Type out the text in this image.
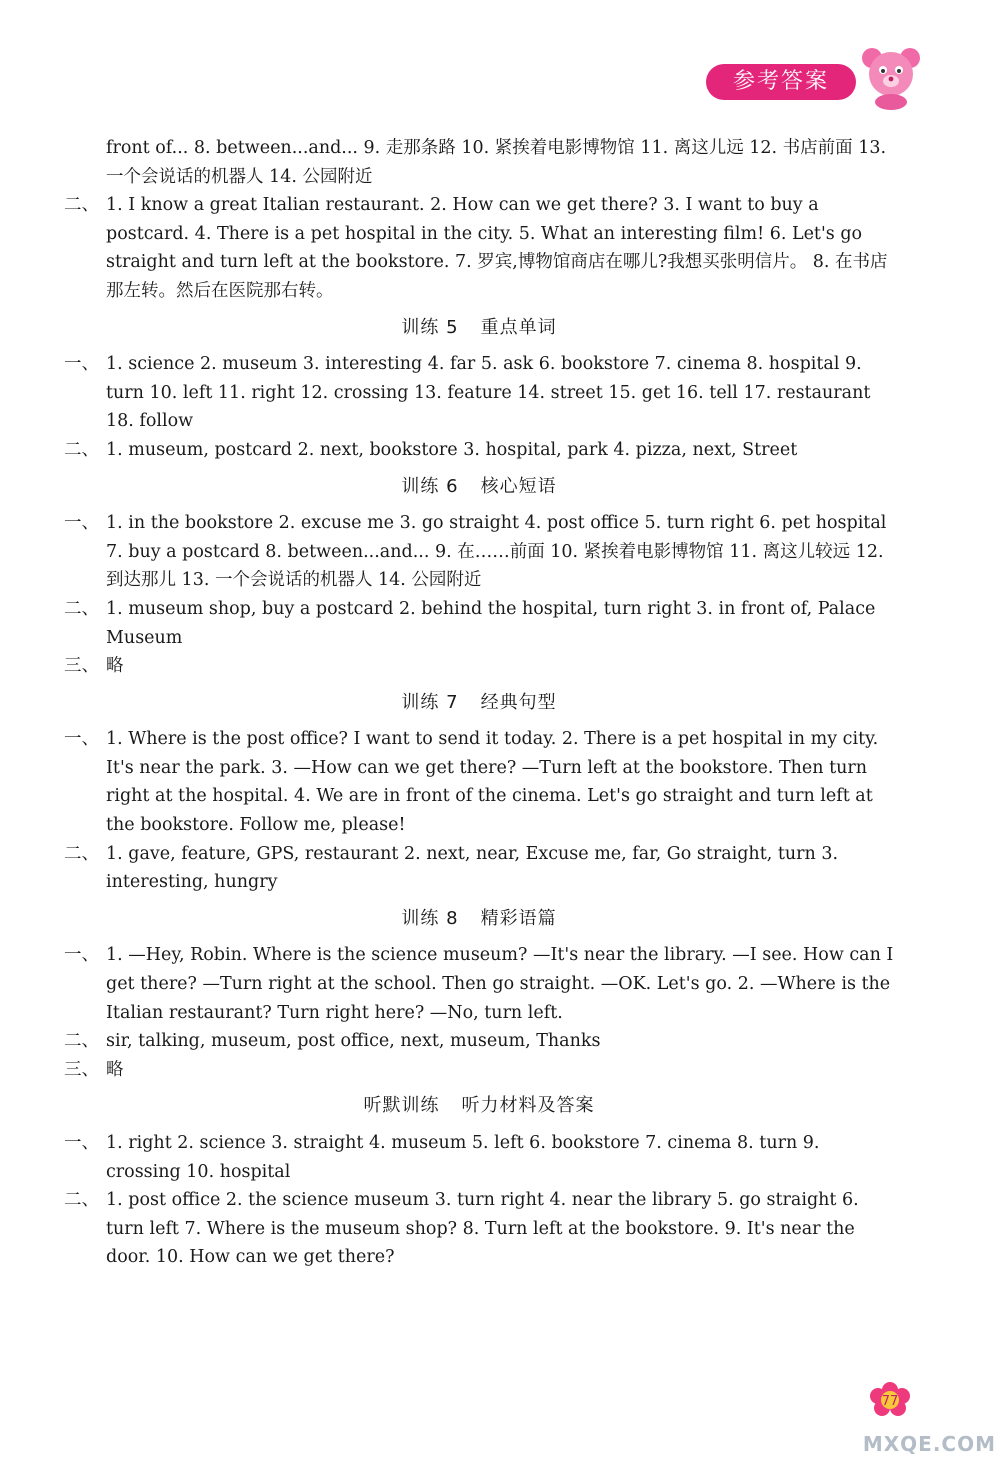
参考答案
front of... 8. between...and... 9. 走那条路 10. 紧挨着电影博物馆 11. 离这儿远 12. 书店前面 13. 一个会说话的机器人 14. 公园附近
二、 1. I know a great Italian restaurant. 2. How can we get there? 3. I want to buy a postcard. 4. There is a pet hospital in the city. 5. What an interesting film! 6. Let's go straight and turn left at the bookstore. 7. 罗宾,博物馆商店在哪儿?我想买张明信片。 8. 在书店那左转。然后在医院那右转。
训练 5 重点单词
一、 1. science 2. museum 3. interesting 4. far 5. ask 6. bookstore 7. cinema 8. hospital 9. turn 10. left 11. right 12. crossing 13. feature 14. street 15. get 16. tell 17. restaurant 18. follow
二、 1. museum, postcard 2. next, bookstore 3. hospital, park 4. pizza, next, Street
训练 6 核心短语
一、 1. in the bookstore 2. excuse me 3. go straight 4. post office 5. turn right 6. pet hospital 7. buy a postcard 8. between...and... 9. 在……前面 10. 紧挨着电影博物馆 11. 离这儿较远 12. 到达那儿 13. 一个会说话的机器人 14. 公园附近
二、 1. museum shop, buy a postcard 2. behind the hospital, turn right 3. in front of, Palace Museum
三、 略
训练 7 经典句型
一、 1. Where is the post office? I want to send it today. 2. There is a pet hospital in my city. It's near the park. 3. —How can we get there? —Turn left at the bookstore. Then turn right at the hospital. 4. We are in front of the cinema. Let's go straight and turn left at the bookstore. Follow me, please!
二、 1. gave, feature, GPS, restaurant 2. next, near, Excuse me, far, Go straight, turn 3. interesting, hungry
训练 8 精彩语篇
一、 1. —Hey, Robin. Where is the science museum? —It's near the library. —I see. How can I get there? —Turn right at the school. Then go straight. —OK. Let's go. 2. —Where is the Italian restaurant? Turn right here? —No, turn left.
二、 sir, talking, museum, post office, next, museum, Thanks
三、 略
听默训练 听力材料及答案
一、 1. right 2. science 3. straight 4. museum 5. left 6. bookstore 7. cinema 8. turn 9. crossing 10. hospital
二、 1. post office 2. the science museum 3. turn right 4. near the library 5. go straight 6. turn left 7. Where is the museum shop? 8. Turn left at the bookstore. 9. It's near the door. 10. How can we get there?
77
MXQE.COM
